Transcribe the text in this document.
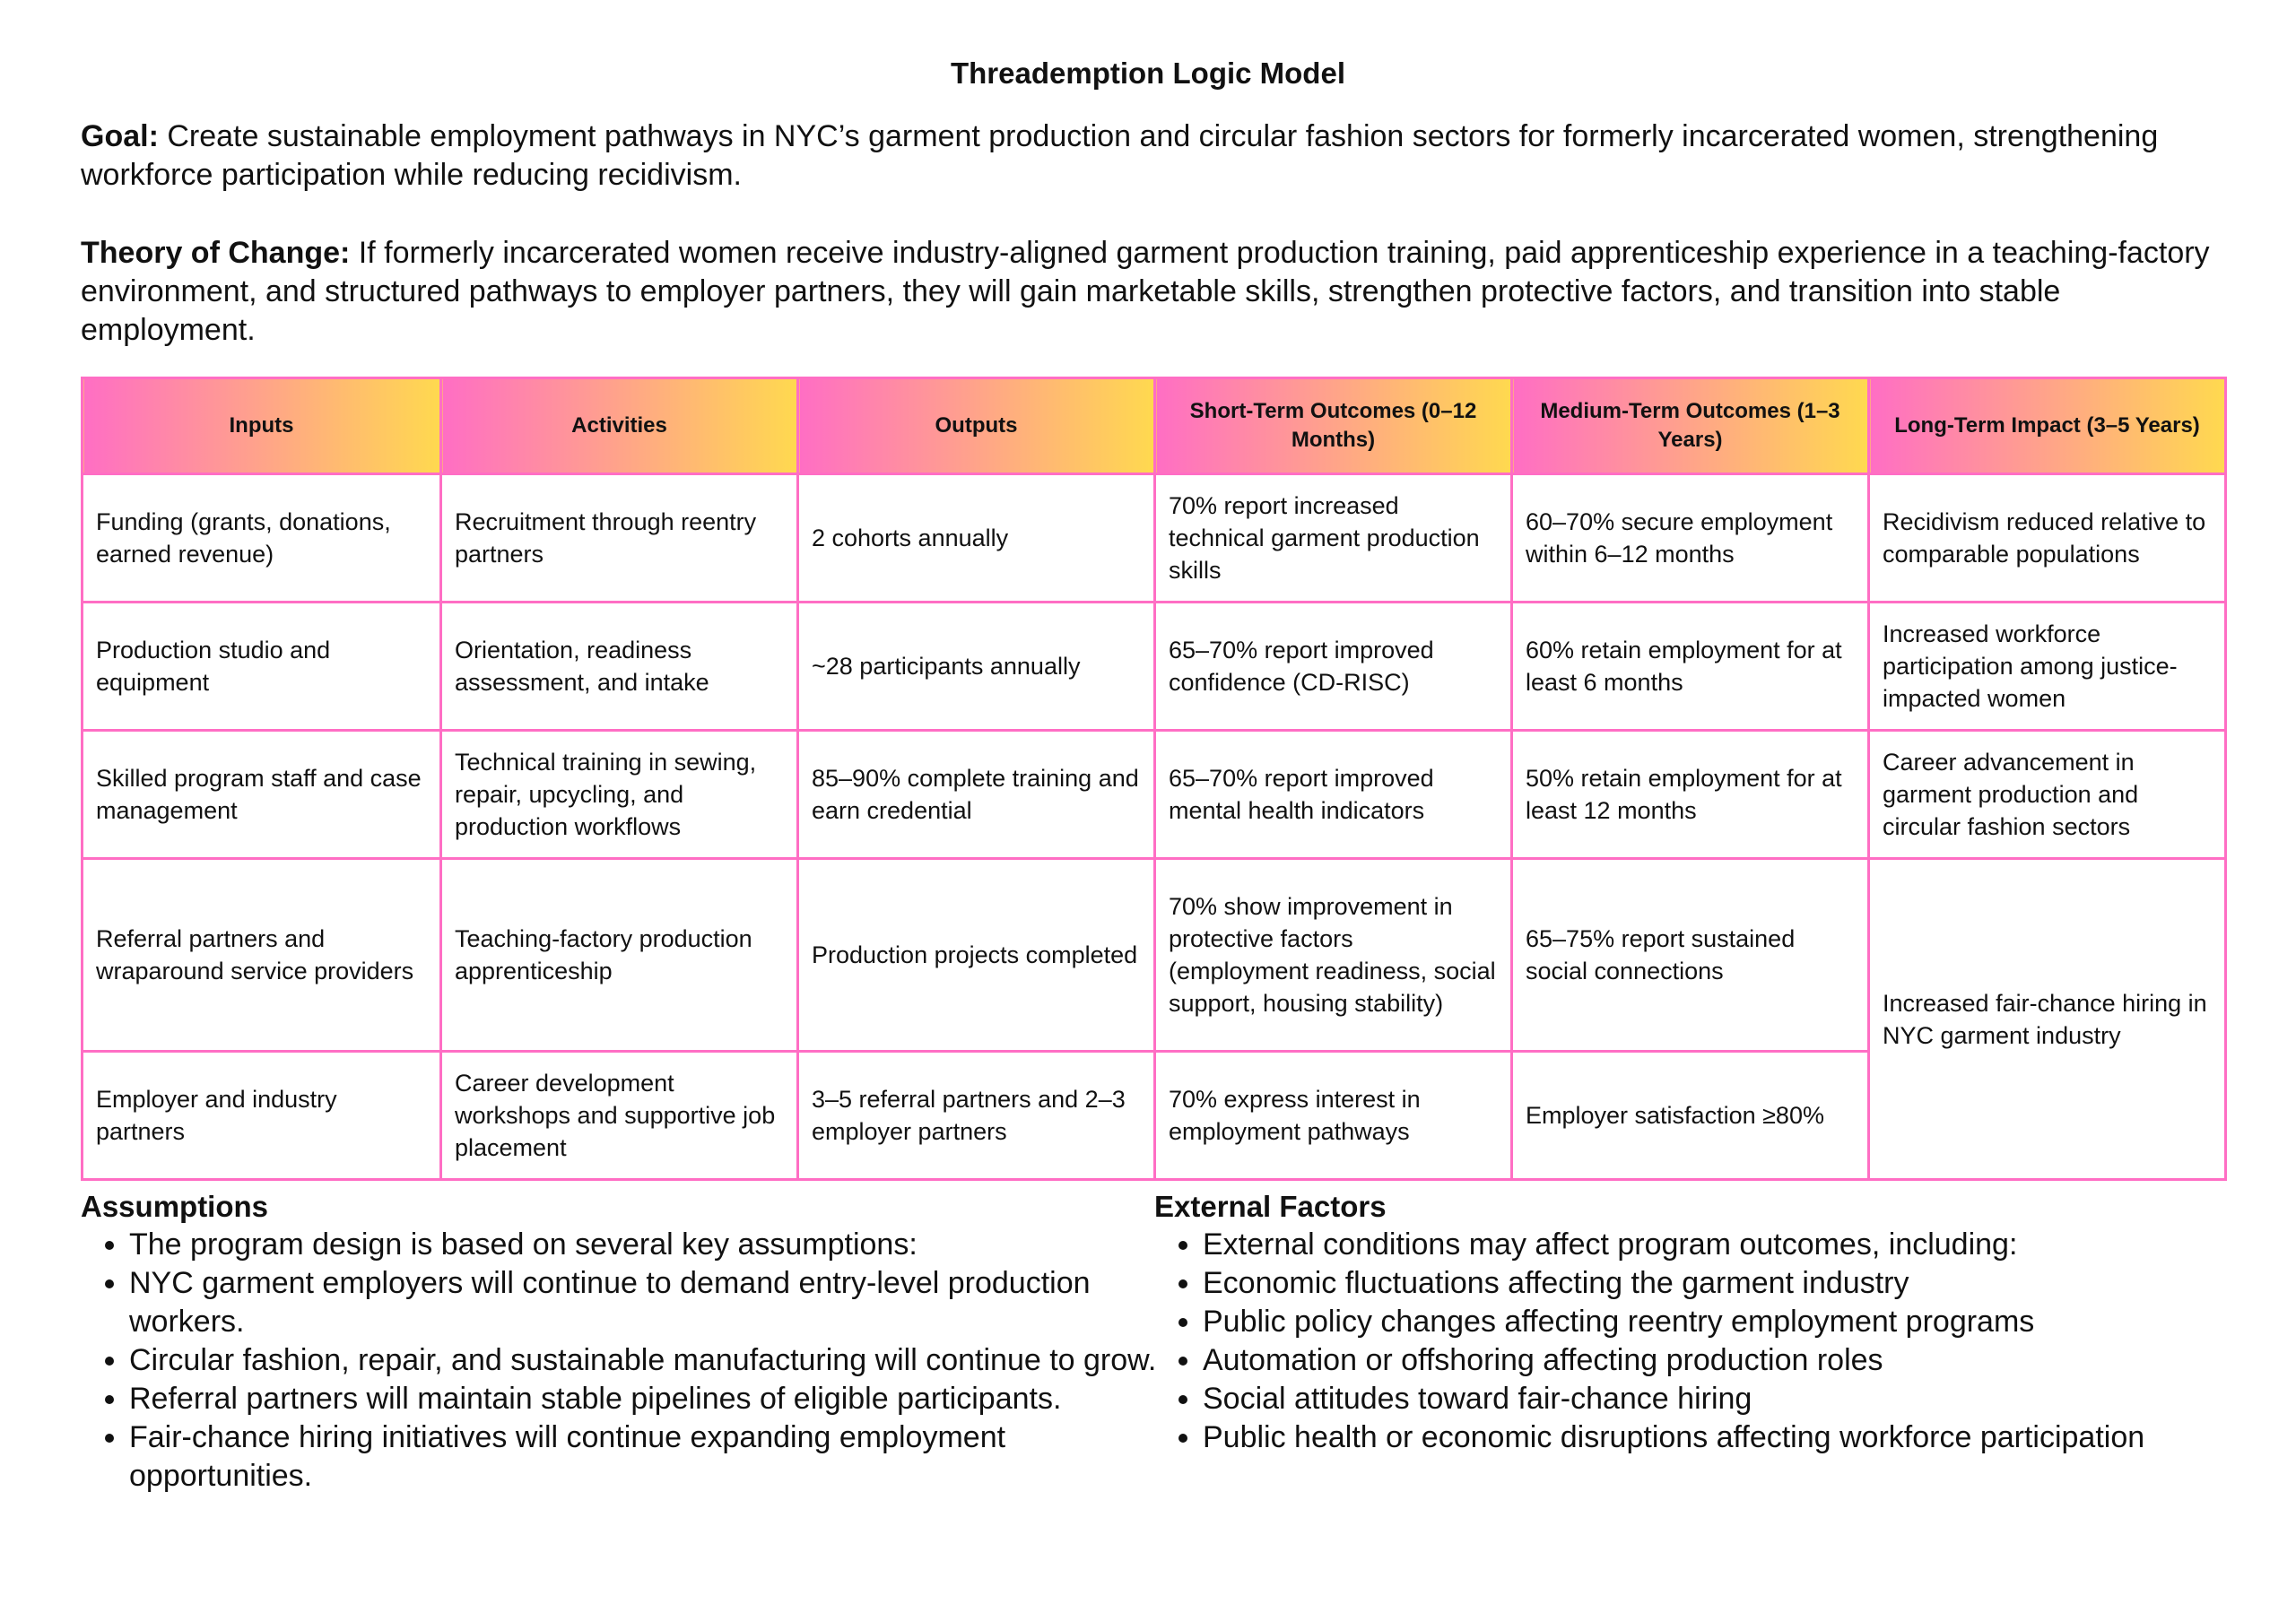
Threademption Logic Model

Goal: Create sustainable employment pathways in NYC’s garment production and circular fashion sectors for formerly incarcerated women, strengthening workforce participation while reducing recidivism.

Theory of Change: If formerly incarcerated women receive industry-aligned garment production training, paid apprenticeship experience in a teaching-factory environment, and structured pathways to employer partners, they will gain marketable skills, strengthen protective factors, and transition into stable employment.

Inputs	Activities	Outputs	Short-Term Outcomes (0–12 Months)	Medium-Term Outcomes (1–3 Years)	Long-Term Impact (3–5 Years)
Funding (grants, donations, earned revenue)	Recruitment through reentry partners	2 cohorts annually	70% report increased technical garment production skills	60–70% secure employment within 6–12 months	Recidivism reduced relative to comparable populations
Production studio and equipment	Orientation, readiness assessment, and intake	~28 participants annually	65–70% report improved confidence (CD-RISC)	60% retain employment for at least 6 months	Increased workforce participation among justice-impacted women
Skilled program staff and case management	Technical training in sewing, repair, upcycling, and production workflows	85–90% complete training and earn credential	65–70% report improved mental health indicators	50% retain employment for at least 12 months	Career advancement in garment production and circular fashion sectors
Referral partners and wraparound service providers	Teaching-factory production apprenticeship	Production projects completed	70% show improvement in protective factors (employment readiness, social support, housing stability)	65–75% report sustained social connections	Increased fair-chance hiring in NYC garment industry
Employer and industry partners	Career development workshops and supportive job placement	3–5 referral partners and 2–3 employer partners	70% express interest in employment pathways	Employer satisfaction ≥80%	
Assumptions
• The program design is based on several key assumptions:
• NYC garment employers will continue to demand entry-level production workers.
• Circular fashion, repair, and sustainable manufacturing will continue to grow.
• Referral partners will maintain stable pipelines of eligible participants.
• Fair-chance hiring initiatives will continue expanding employment opportunities.
External Factors
• External conditions may affect program outcomes, including:
• Economic fluctuations affecting the garment industry
• Public policy changes affecting reentry employment programs
• Automation or offshoring affecting production roles
• Social attitudes toward fair-chance hiring
• Public health or economic disruptions affecting workforce participation
